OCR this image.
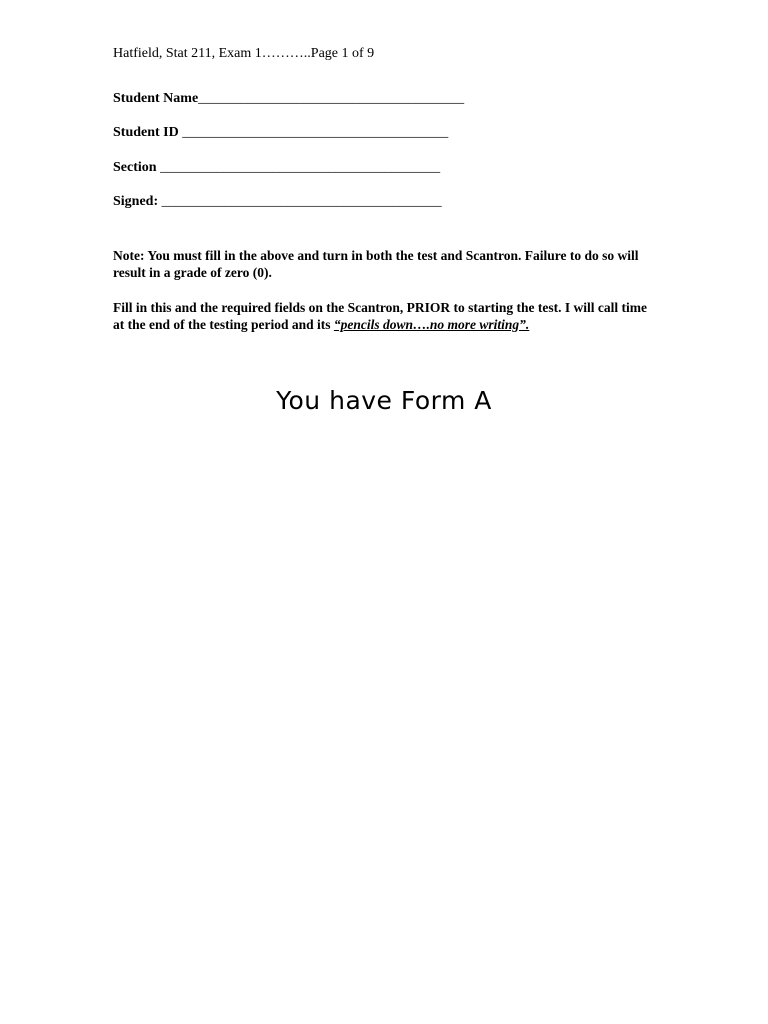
Hatfield, Stat 211, Exam 1………..Page 1 of 9
Student Name______________________________________
Student ID ______________________________________
Section ________________________________________
Signed: ________________________________________
Note: You must fill in the above and turn in both the test and Scantron. Failure to do so will result in a grade of zero (0).
Fill in this and the required fields on the Scantron, PRIOR to starting the test. I will call time at the end of the testing period and its “pencils down….no more writing”.
You have Form A
